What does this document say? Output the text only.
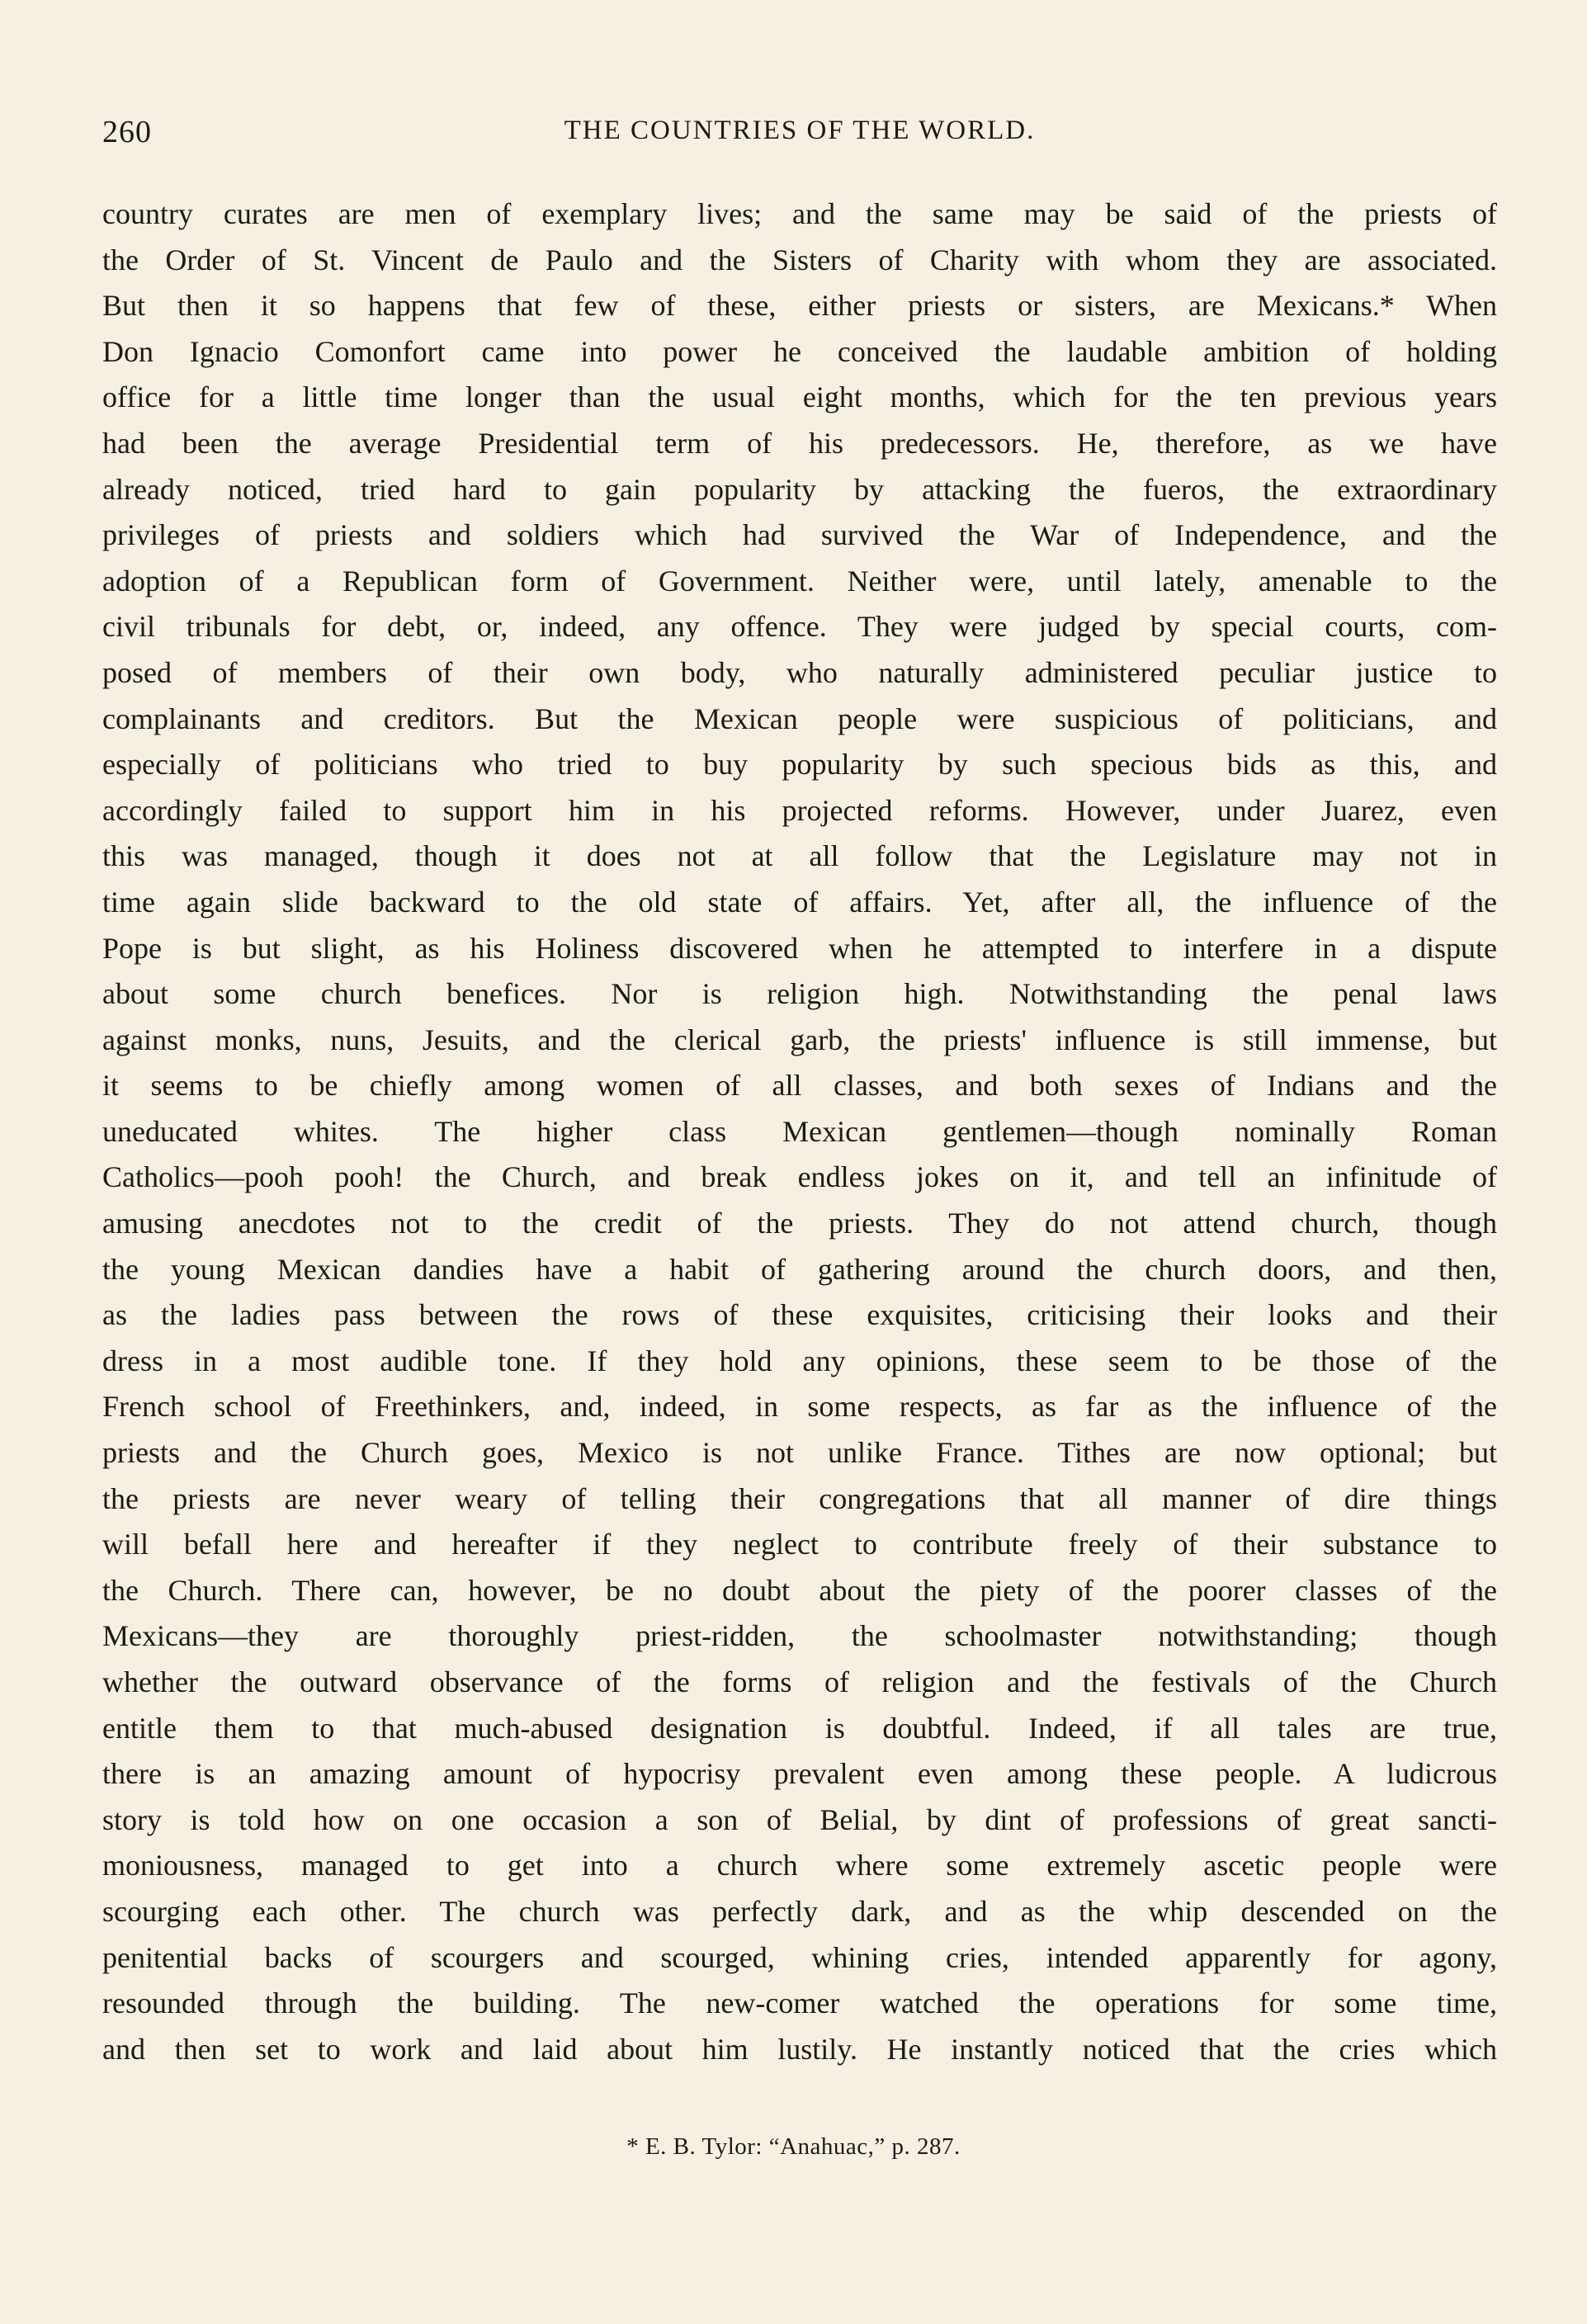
260	THE COUNTRIES OF THE WORLD.
country curates are men of exemplary lives; and the same may be said of the priests of
the Order of St. Vincent de Paulo and the Sisters of Charity with whom they are associated.
But then it so happens that few of these, either priests or sisters, are Mexicans.* When
Don Ignacio Comonfort came into power he conceived the laudable ambition of holding
office for a little time longer than the usual eight months, which for the ten previous years
had been the average Presidential term of his predecessors. He, therefore, as we have
already noticed, tried hard to gain popularity by attacking the fueros, the extraordinary
privileges of priests and soldiers which had survived the War of Independence, and the
adoption of a Republican form of Government. Neither were, until lately, amenable to the
civil tribunals for debt, or, indeed, any offence. They were judged by special courts, com-
posed of members of their own body, who naturally administered peculiar justice to
complainants and creditors. But the Mexican people were suspicious of politicians, and
especially of politicians who tried to buy popularity by such specious bids as this, and
accordingly failed to support him in his projected reforms. However, under Juarez, even
this was managed, though it does not at all follow that the Legislature may not in
time again slide backward to the old state of affairs. Yet, after all, the influence of the
Pope is but slight, as his Holiness discovered when he attempted to interfere in a dispute
about some church benefices. Nor is religion high. Notwithstanding the penal laws
against monks, nuns, Jesuits, and the clerical garb, the priests' influence is still immense, but
it seems to be chiefly among women of all classes, and both sexes of Indians and the
uneducated whites. The higher class Mexican gentlemen—though nominally Roman
Catholics—pooh pooh! the Church, and break endless jokes on it, and tell an infinitude of
amusing anecdotes not to the credit of the priests. They do not attend church, though
the young Mexican dandies have a habit of gathering around the church doors, and then,
as the ladies pass between the rows of these exquisites, criticising their looks and their
dress in a most audible tone. If they hold any opinions, these seem to be those of the
French school of Freethinkers, and, indeed, in some respects, as far as the influence of the
priests and the Church goes, Mexico is not unlike France. Tithes are now optional; but
the priests are never weary of telling their congregations that all manner of dire things
will befall here and hereafter if they neglect to contribute freely of their substance to
the Church. There can, however, be no doubt about the piety of the poorer classes of the
Mexicans—they are thoroughly priest-ridden, the schoolmaster notwithstanding; though
whether the outward observance of the forms of religion and the festivals of the Church
entitle them to that much-abused designation is doubtful. Indeed, if all tales are true,
there is an amazing amount of hypocrisy prevalent even among these people. A ludicrous
story is told how on one occasion a son of Belial, by dint of professions of great sancti-
moniousness, managed to get into a church where some extremely ascetic people were
scourging each other. The church was perfectly dark, and as the whip descended on the
penitential backs of scourgers and scourged, whining cries, intended apparently for agony,
resounded through the building. The new-comer watched the operations for some time,
and then set to work and laid about him lustily. He instantly noticed that the cries which
* E. B. Tylor: “Anahuac,” p. 287.
